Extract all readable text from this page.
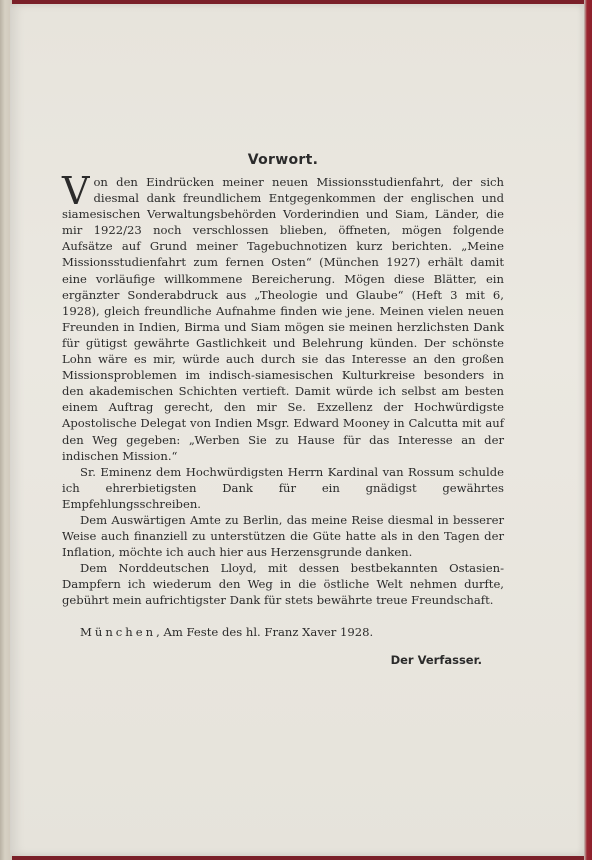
Vorwort.

Von den Eindrücken meiner neuen Missionsstudienfahrt, der sich diesmal dank freundlichem Entgegenkommen der englischen und siamesischen Verwaltungsbehörden Vorderindien und Siam, Länder, die mir 1922/23 noch verschlossen blieben, öffneten, mögen folgende Aufsätze auf Grund meiner Tagebuchnotizen kurz berichten. „Meine Missionsstudienfahrt zum fernen Osten“ (München 1927) erhält damit eine vorläufige willkommene Bereicherung. Mögen diese Blätter, ein ergänzter Sonderabdruck aus „Theologie und Glaube“ (Heft 3 mit 6, 1928), gleich freundliche Aufnahme finden wie jene. Meinen vielen neuen Freunden in Indien, Birma und Siam mögen sie meinen herzlichsten Dank für gütigst gewährte Gastlichkeit und Belehrung künden. Der schönste Lohn wäre es mir, würde auch durch sie das Interesse an den großen Missionsproblemen im indisch-siamesischen Kulturkreise besonders in den akademischen Schichten vertieft. Damit würde ich selbst am besten einem Auftrag gerecht, den mir Se. Exzellenz der Hochwürdigste Apostolische Delegat von Indien Msgr. Edward Mooney in Calcutta mit auf den Weg gegeben: „Werben Sie zu Hause für das Interesse an der indischen Mission.“

Sr. Eminenz dem Hochwürdigsten Herrn Kardinal van Rossum schulde ich ehrerbietigsten Dank für ein gnädigst gewährtes Empfehlungsschreiben.

Dem Auswärtigen Amte zu Berlin, das meine Reise diesmal in besserer Weise auch finanziell zu unterstützen die Güte hatte als in den Tagen der Inflation, möchte ich auch hier aus Herzensgrunde danken.

Dem Norddeutschen Lloyd, mit dessen bestbekannten Ostasien-Dampfern ich wiederum den Weg in die östliche Welt nehmen durfte, gebührt mein aufrichtigster Dank für stets bewährte treue Freundschaft.

München, Am Feste des hl. Franz Xaver 1928.
Der Verfasser.
